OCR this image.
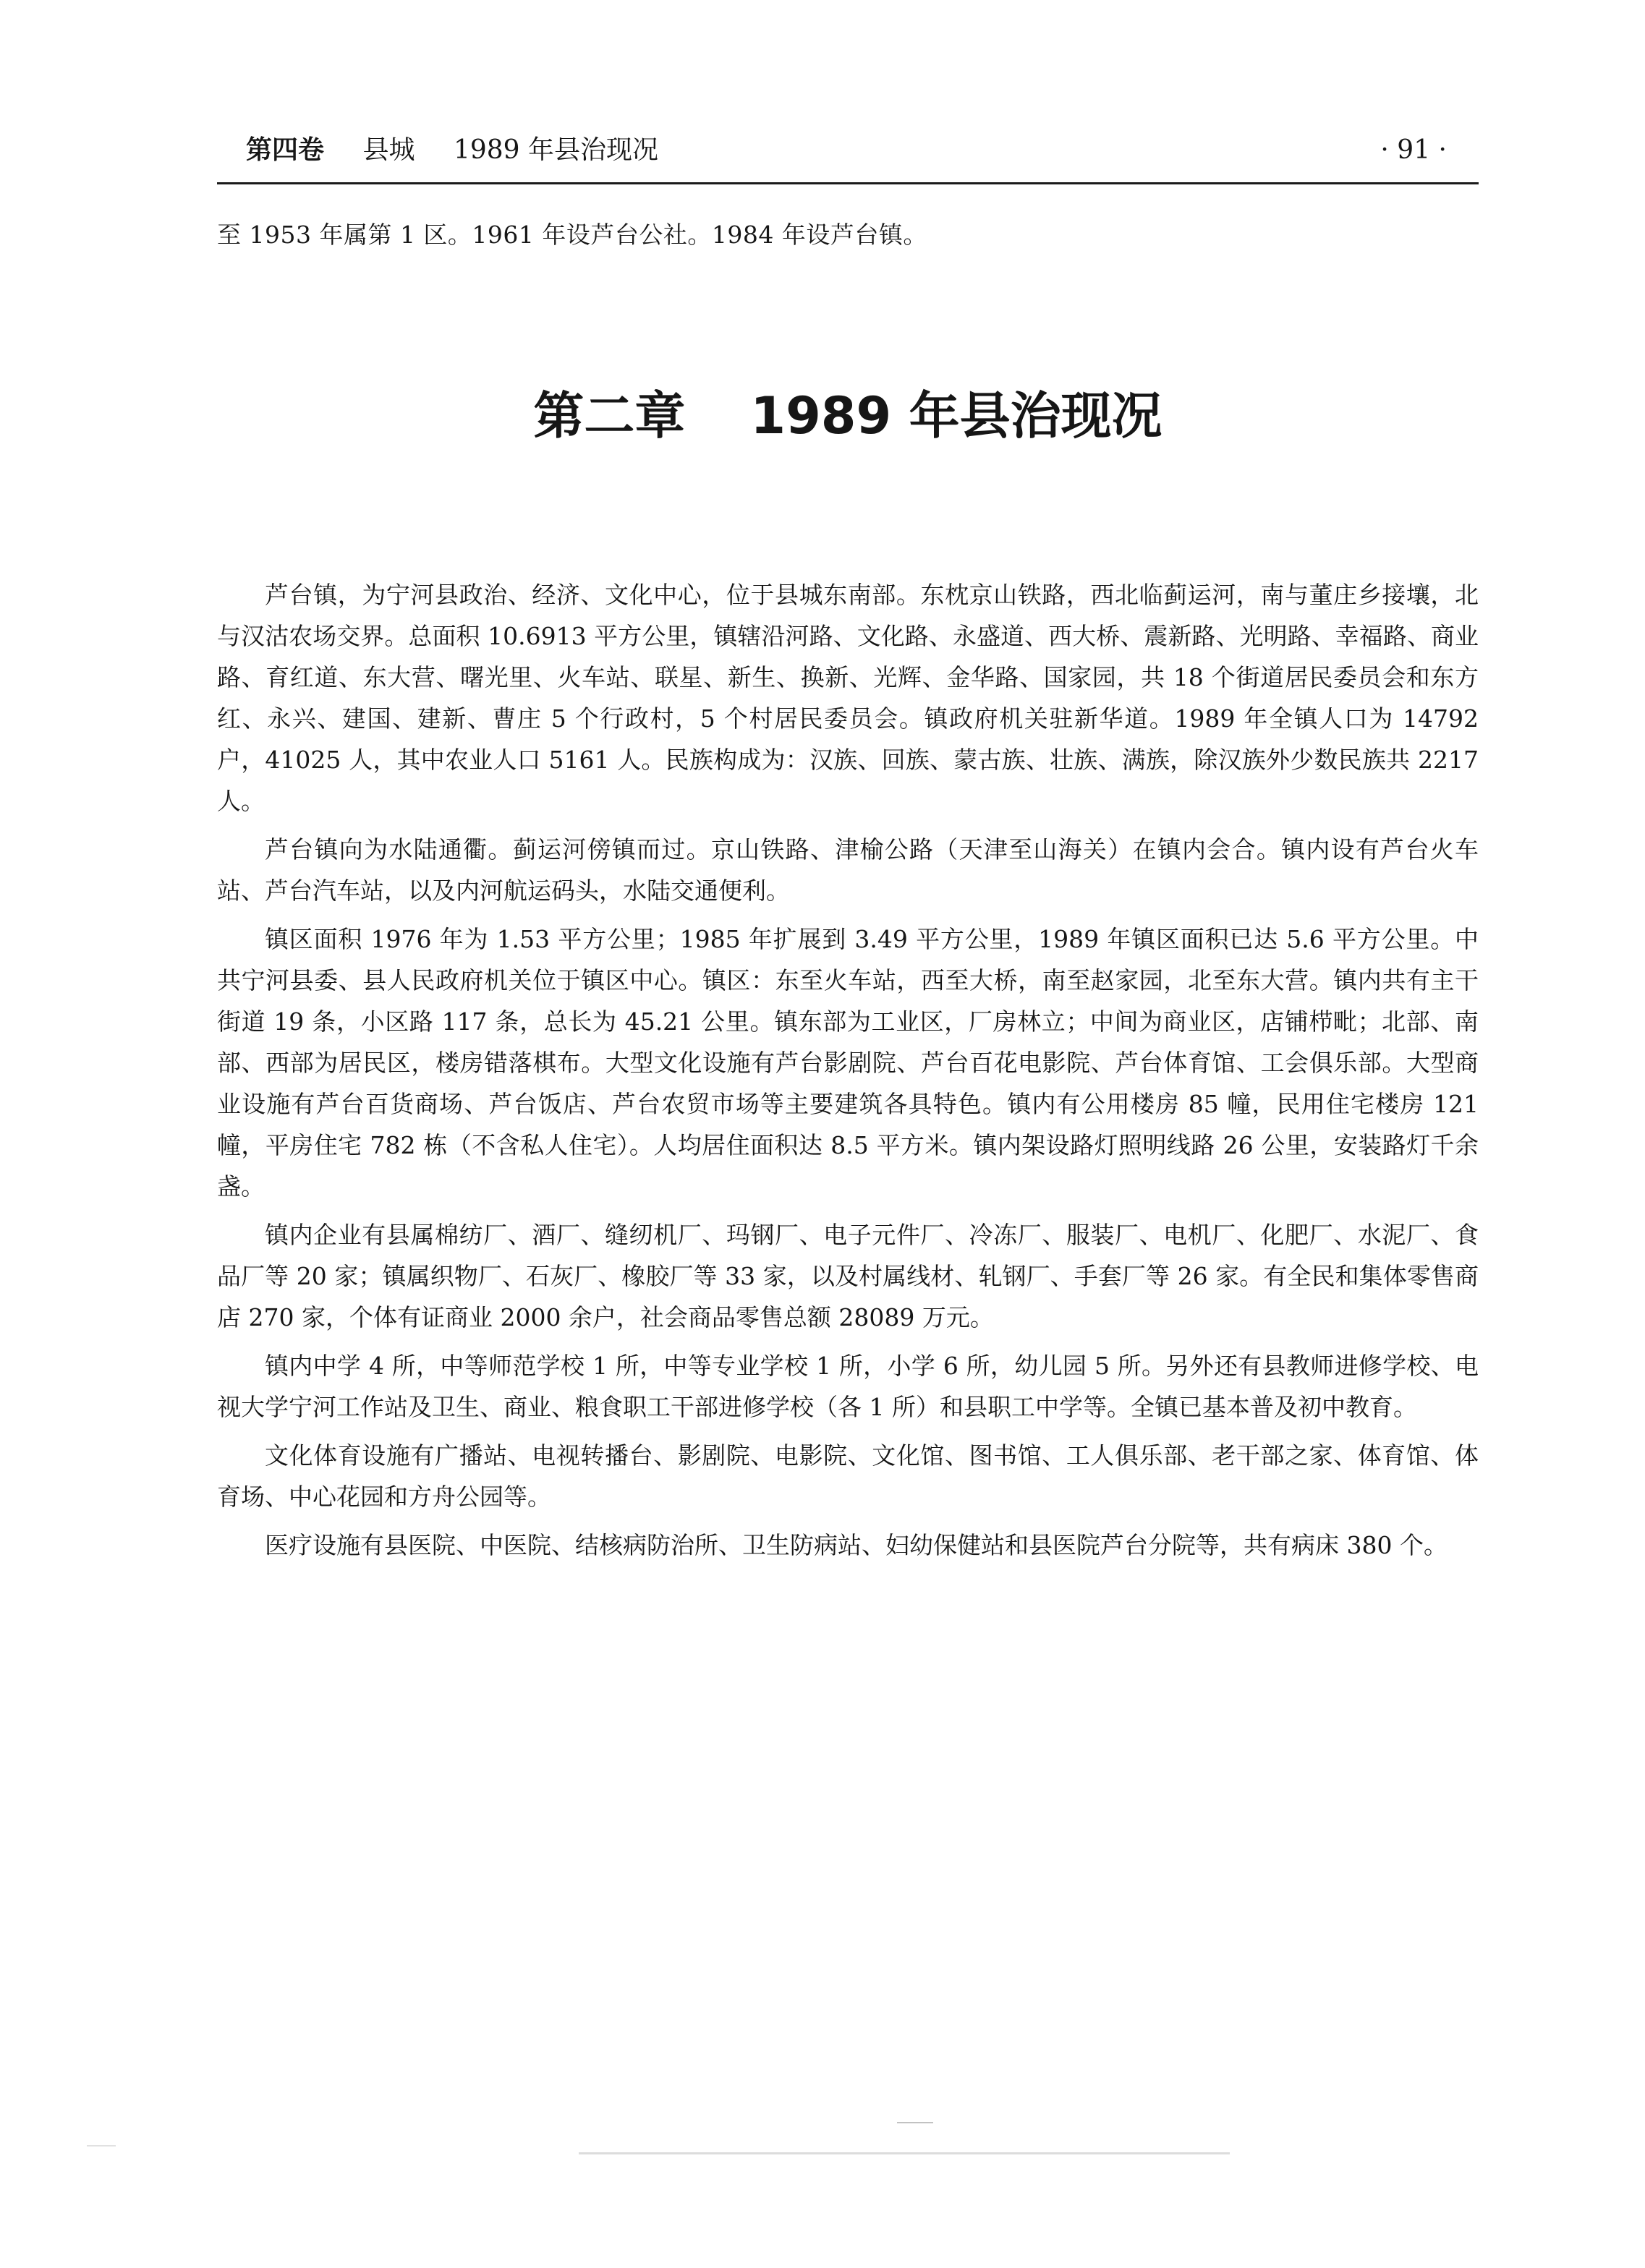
第四卷 县城 1989 年县治现况	· 91 ·
至 1953 年属第 1 区。1961 年设芦台公社。1984 年设芦台镇。
第二章 1989 年县治现况

芦台镇，为宁河县政治、经济、文化中心，位于县城东南部。东枕京山铁路，西北临蓟运河，南与董庄乡接壤，北与汉沽农场交界。总面积 10.6913 平方公里，镇辖沿河路、文化路、永盛道、西大桥、震新路、光明路、幸福路、商业路、育红道、东大营、曙光里、火车站、联星、新生、换新、光辉、金华路、国家园，共 18 个街道居民委员会和东方红、永兴、建国、建新、曹庄 5 个行政村，5 个村居民委员会。镇政府机关驻新华道。1989 年全镇人口为 14792 户，41025 人，其中农业人口 5161 人。民族构成为：汉族、回族、蒙古族、壮族、满族，除汉族外少数民族共 2217 人。

芦台镇向为水陆通衢。蓟运河傍镇而过。京山铁路、津榆公路（天津至山海关）在镇内会合。镇内设有芦台火车站、芦台汽车站，以及内河航运码头，水陆交通便利。

镇区面积 1976 年为 1.53 平方公里；1985 年扩展到 3.49 平方公里，1989 年镇区面积已达 5.6 平方公里。中共宁河县委、县人民政府机关位于镇区中心。镇区：东至火车站，西至大桥，南至赵家园，北至东大营。镇内共有主干街道 19 条，小区路 117 条，总长为 45.21 公里。镇东部为工业区，厂房林立；中间为商业区，店铺栉毗；北部、南部、西部为居民区，楼房错落棋布。大型文化设施有芦台影剧院、芦台百花电影院、芦台体育馆、工会俱乐部。大型商业设施有芦台百货商场、芦台饭店、芦台农贸市场等主要建筑各具特色。镇内有公用楼房 85 幢，民用住宅楼房 121 幢，平房住宅 782 栋（不含私人住宅）。人均居住面积达 8.5 平方米。镇内架设路灯照明线路 26 公里，安装路灯千余盏。

镇内企业有县属棉纺厂、酒厂、缝纫机厂、玛钢厂、电子元件厂、冷冻厂、服装厂、电机厂、化肥厂、水泥厂、食品厂等 20 家；镇属织物厂、石灰厂、橡胶厂等 33 家，以及村属线材、轧钢厂、手套厂等 26 家。有全民和集体零售商店 270 家，个体有证商业 2000 余户，社会商品零售总额 28089 万元。

镇内中学 4 所，中等师范学校 1 所，中等专业学校 1 所，小学 6 所，幼儿园 5 所。另外还有县教师进修学校、电视大学宁河工作站及卫生、商业、粮食职工干部进修学校（各 1 所）和县职工中学等。全镇已基本普及初中教育。

文化体育设施有广播站、电视转播台、影剧院、电影院、文化馆、图书馆、工人俱乐部、老干部之家、体育馆、体育场、中心花园和方舟公园等。

医疗设施有县医院、中医院、结核病防治所、卫生防病站、妇幼保健站和县医院芦台分院等，共有病床 380 个。
